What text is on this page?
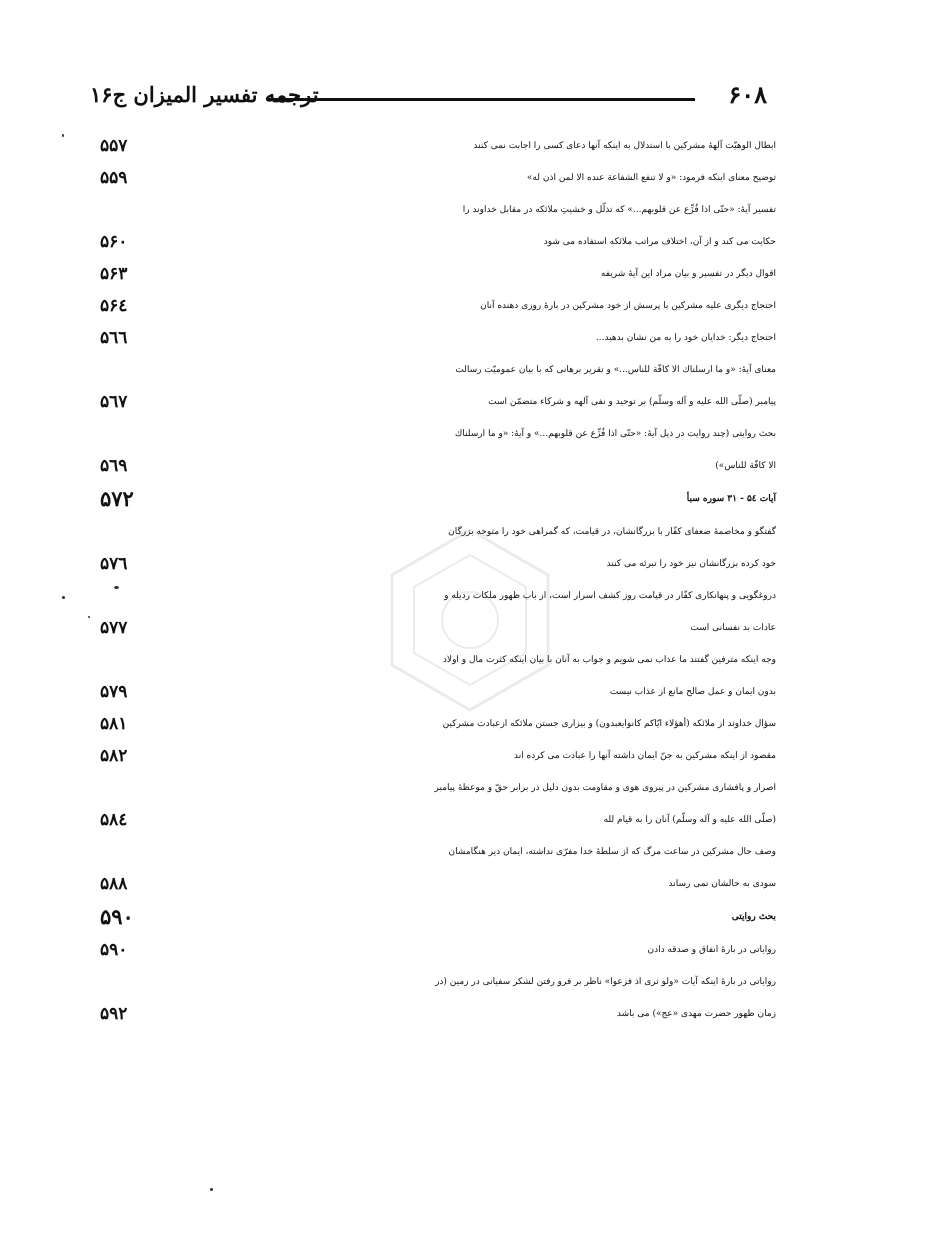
ترجمه تفسیر المیزان ج۱۶	۶۰۸
ابطال الوهیّت آلههٔ مشرکین با استدلال به اینکه آنها دعای کسی را اجابت نمی کنند
۵۵۷
توضیح معنای اینکه فرمود: «و لا تنفع الشفاعة عنده الا لمن اذن له»
۵۵۹
تفسیر آیهٔ: «حتّی اذا فُزِّع عن قلوبهم...» که تذلّل و خشیتِ ملائکه در مقابل خداوند را
حکایت می کند و از آن، اختلاف مراتب ملائکه استفاده می شود
۵۶۰
اقوال دیگر در تفسیر و بیان مراد این آیهٔ شریفه
۵۶۳
احتجاج دیگری علیه مشرکین با پرسش از خود مشرکین در بارهٔ روزی دهنده آنان
۵۶٤
احتجاج دیگر: خدایان خود را به من نشان بدهید...
۵٦٦
معنای آیهٔ: «و ما ارسلناك الا كافّة للناس...» و تقریر برهانی که با بیان عمومیّت رسالت
پیامبر (صلّی الله علیه و آله وسلّم) بر توحید و نفی آلهه و شرکاء متضمّن است
۵٦٧
بحث روایتی (چند روایت در ذیل آیهٔ: «حتّی اذا فُزِّع عن قلوبهم...» و آیهٔ: «و ما ارسلناك
الا كافّة للناس»)
۵٦۹
آیات ۵٤ - ۳۱ سوره سبأ
۵۷۲
گفتگو و مخاصمهٔ ضعفای کفّار با بزرگانشان، در قیامت، که گمراهی خود را متوجه بزرگان
خود کرده بزرگانشان نیز خود را تبرئه می کنند
۵۷٦
دروغگویی و پنهانکاری کفّار در قیامت روز کشف اسرار است، از باب ظهور ملکات ردیله و
عادات بد نفسانی است
۵۷۷
وجه اینکه مترفین گفتند ما عذاب نمی شویم و جواب به آنان با بیان اینکه کثرت مال و اولاد
بدون ایمان و عمل صالح مانع از عذاب نیست
۵۷۹
سؤال خداوند از ملائکه (أهؤلاء ايّاكم كانوايعبدون) و بیزاری جستن ملائکه ازعبادت مشرکین
۵۸۱
مقصود از اینکه مشرکین به جنّ ایمان داشته آنها را عبادت می کرده اند
۵۸۲
اصرار و پافشاری مشرکین در پیروی هوی و مقاومت بدون دلیل در برابر حقّ و موعظهٔ پیامبر
(صلّی الله علیه و آله وسلّم) آنان را به قیام لله
۵۸٤
وصف حال مشرکین در ساعت مرگ که از سلطهٔ خدا مفرّی نداشته، ایمان دیر هنگامشان
سودی به حالشان نمی رساند
۵۸۸
بحث روایتی
۵۹۰
روایاتی در بارهٔ انفاق و صدقه دادن
۵۹۰
روایاتی در بارهٔ اینکه آیات «ولو تری اذ فزعوا» ناظر بر فرو رفتن لشکر سفیانی در زمین (در
زمان ظهور حضرت مهدی «عج») می باشد
۵۹۲
